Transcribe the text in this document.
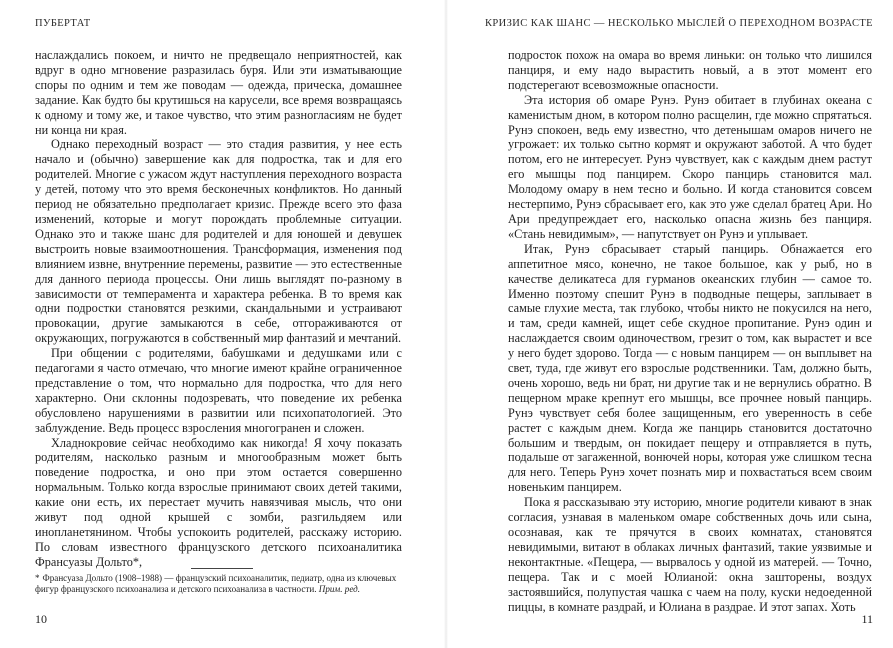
ПУБЕРТАТ

наслаждались покоем, и ничто не предвещало неприятностей, как вдруг в одно мгновение разразилась буря. Или эти изматывающие споры по одним и тем же поводам — одежда, прическа, домашнее задание. Как будто бы крутишься на карусели, все время возвращаясь к одному и тому же, и такое чувство, что этим разногласиям не будет ни конца ни края.

Однако переходный возраст — это стадия развития, у нее есть начало и (обычно) завершение как для подростка, так и для его родителей. Многие с ужасом ждут наступления переходного возраста у детей, потому что это время бесконечных конфликтов. Но данный период не обязательно предполагает кризис. Прежде всего это фаза изменений, которые и могут порождать проблемные ситуации. Однако это и также шанс для родителей и для юношей и девушек выстроить новые взаимоотношения. Трансформация, изменения под влиянием извне, внутренние перемены, развитие — это естественные для данного периода процессы. Они лишь выглядят по-разному в зависимости от темперамента и характера ребенка. В то время как одни подростки становятся резкими, скандальными и устраивают провокации, другие замыкаются в себе, отгораживаются от окружающих, погружаются в собственный мир фантазий и мечтаний.

При общении с родителями, бабушками и дедушками или с педагогами я часто отмечаю, что многие имеют крайне ограниченное представление о том, что нормально для подростка, что для него характерно. Они склонны подозревать, что поведение их ребенка обусловлено нарушениями в развитии или психопатологией. Это заблуждение. Ведь процесс взросления многогранен и сложен.

Хладнокровие сейчас необходимо как никогда! Я хочу показать родителям, насколько разным и многообразным может быть поведение подростка, и оно при этом остается совершенно нормальным. Только когда взрослые принимают своих детей такими, какие они есть, их перестает мучить навязчивая мысль, что они живут под одной крышей с зомби, разгильдяем или инопланетянином. Чтобы успокоить родителей, расскажу историю. По словам известного французского детского психоаналитика Франсуазы Дольто*,

* Франсуаза Дольто (1908–1988) — французский психоаналитик, педиатр, одна из ключевых фигур французского психоанализа и детского психоанализа в частности. Прим. ред.
10
КРИЗИС КАК ШАНС — НЕСКОЛЬКО МЫСЛЕЙ О ПЕРЕХОДНОМ ВОЗРАСТЕ

подросток похож на омара во время линьки: он только что лишился панциря, и ему надо вырастить новый, а в этот момент его подстерегают всевозможные опасности.

Эта история об омаре Рунэ. Рунэ обитает в глубинах океана с каменистым дном, в котором полно расщелин, где можно спрятаться. Рунэ спокоен, ведь ему известно, что детенышам омаров ничего не угрожает: их только сытно кормят и окружают заботой. А что будет потом, его не интересует. Рунэ чувствует, как с каждым днем растут его мышцы под панцирем. Скоро панцирь становится мал. Молодому омару в нем тесно и больно. И когда становится совсем нестерпимо, Рунэ сбрасывает его, как это уже сделал братец Ари. Но Ари предупреждает его, насколько опасна жизнь без панциря. «Стань невидимым», — напутствует он Рунэ и уплывает.

Итак, Рунэ сбрасывает старый панцирь. Обнажается его аппетитное мясо, конечно, не такое большое, как у рыб, но в качестве деликатеса для гурманов океанских глубин — самое то. Именно поэтому спешит Рунэ в подводные пещеры, заплывает в самые глухие места, так глубоко, чтобы никто не покусился на него, и там, среди камней, ищет себе скудное пропитание. Рунэ один и наслаждается своим одиночеством, грезит о том, как вырастет и все у него будет здорово. Тогда — с новым панцирем — он выплывет на свет, туда, где живут его взрослые родственники. Там, должно быть, очень хорошо, ведь ни брат, ни другие так и не вернулись обратно. В пещерном мраке крепнут его мышцы, все прочнее новый панцирь. Рунэ чувствует себя более защищенным, его уверенность в себе растет с каждым днем. Когда же панцирь становится достаточно большим и твердым, он покидает пещеру и отправляется в путь, подальше от загаженной, вонючей норы, которая уже слишком тесна для него. Теперь Рунэ хочет познать мир и похвастаться всем своим новеньким панцирем.

Пока я рассказываю эту историю, многие родители кивают в знак согласия, узнавая в маленьком омаре собственных дочь или сына, осознавая, как те прячутся в своих комнатах, становятся невидимыми, витают в облаках личных фантазий, такие уязвимые и неконтактные. «Пещера, — вырвалось у одной из матерей. — Точно, пещера. Так и с моей Юлианой: окна зашторены, воздух застоявшийся, полупустая чашка с чаем на полу, куски недоеденной пиццы, в комнате раздрай, и Юлиана в раздрае. И этот запах. Хоть

11
